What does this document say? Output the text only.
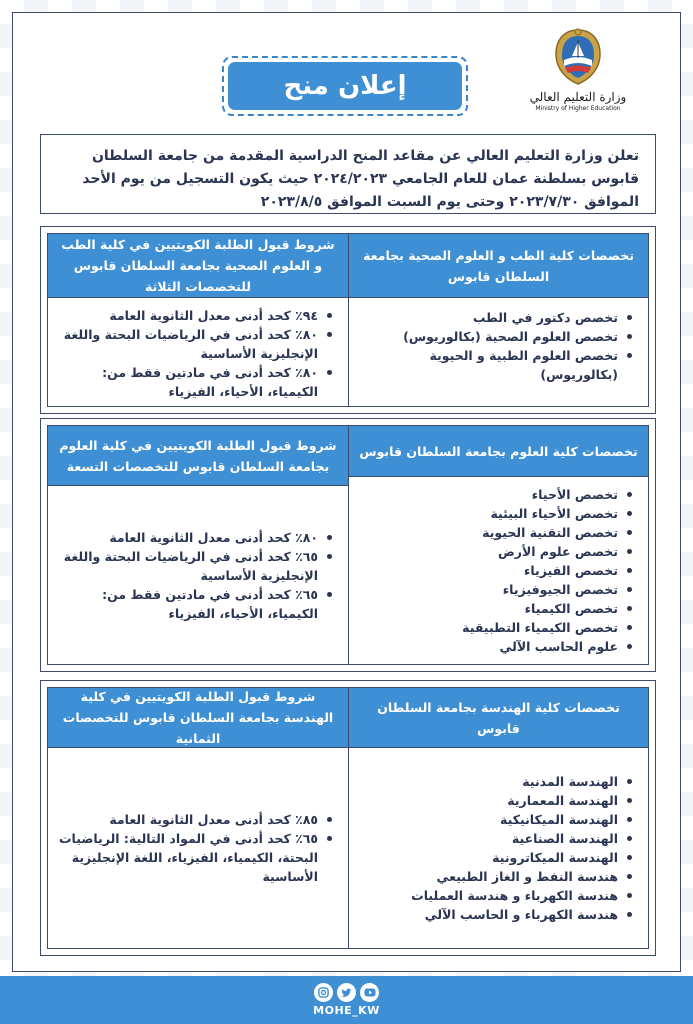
وزارة التعليم العالي
Ministry of Higher Education
إعلان منح
تعلن وزارة التعليم العالي عن مقاعد المنح الدراسية المقدمة من جامعة السلطان قابوس بسلطنة عمان للعام الجامعي ٢٠٢٤/٢٠٢٣ حيث يكون التسجيل من يوم الأحد الموافق ٢٠٢٣/٧/٣٠ وحتى يوم السبت الموافق ٢٠٢٣/٨/٥
تخصصات كلية الطب و العلوم الصحية بجامعة السلطان قابوس
تخصص دكتور في الطب
تخصص العلوم الصحية (بكالوريوس)
تخصص العلوم الطبية و الحيوية (بكالوريوس)
شروط قبول الطلبة الكويتيين في كلية الطب و العلوم الصحية بجامعة السلطان قابوس للتخصصات الثلاثة
٩٤٪ كحد أدنى معدل الثانوية العامة
٨٠٪ كحد أدنى في الرياضيات البحتة واللغة الإنجليزية الأساسية
٨٠٪ كحد أدنى في مادتين فقط من: الكيمياء، الأحياء، الفيزياء
تخصصات كلية العلوم بجامعة السلطان قابوس
تخصص الأحياء
تخصص الأحياء البيئية
تخصص التقنية الحيوية
تخصص علوم الأرض
تخصص الفيزياء
تخصص الجيوفيزياء
تخصص الكيمياء
تخصص الكيمياء التطبيقية
علوم الحاسب الآلي
شروط قبول الطلبة الكويتيين في كلية العلوم بجامعة السلطان قابوس للتخصصات التسعة
٨٠٪ كحد أدنى معدل الثانوية العامة
٦٥٪ كحد أدنى في الرياضيات البحتة واللغة الإنجليزية الأساسية
٦٥٪ كحد أدنى في مادتين فقط من: الكيمياء، الأحياء، الفيزياء
تخصصات كلية الهندسة بجامعة السلطان قابوس
الهندسة المدنية
الهندسة المعمارية
الهندسة الميكانيكية
الهندسة الصناعية
الهندسة الميكاترونية
هندسة النفط و الغاز الطبيعي
هندسة الكهرباء و هندسة العمليات
هندسة الكهرباء و الحاسب الآلي
شروط قبول الطلبة الكويتيين في كلية الهندسة بجامعة السلطان قابوس للتخصصات الثمانية
٨٥٪ كحد أدنى معدل الثانوية العامة
٦٥٪ كحد أدنى في المواد التالية: الرياضيات البحتة، الكيمياء، الفيزياء، اللغة الإنجليزية الأساسية
MOHE_KW
